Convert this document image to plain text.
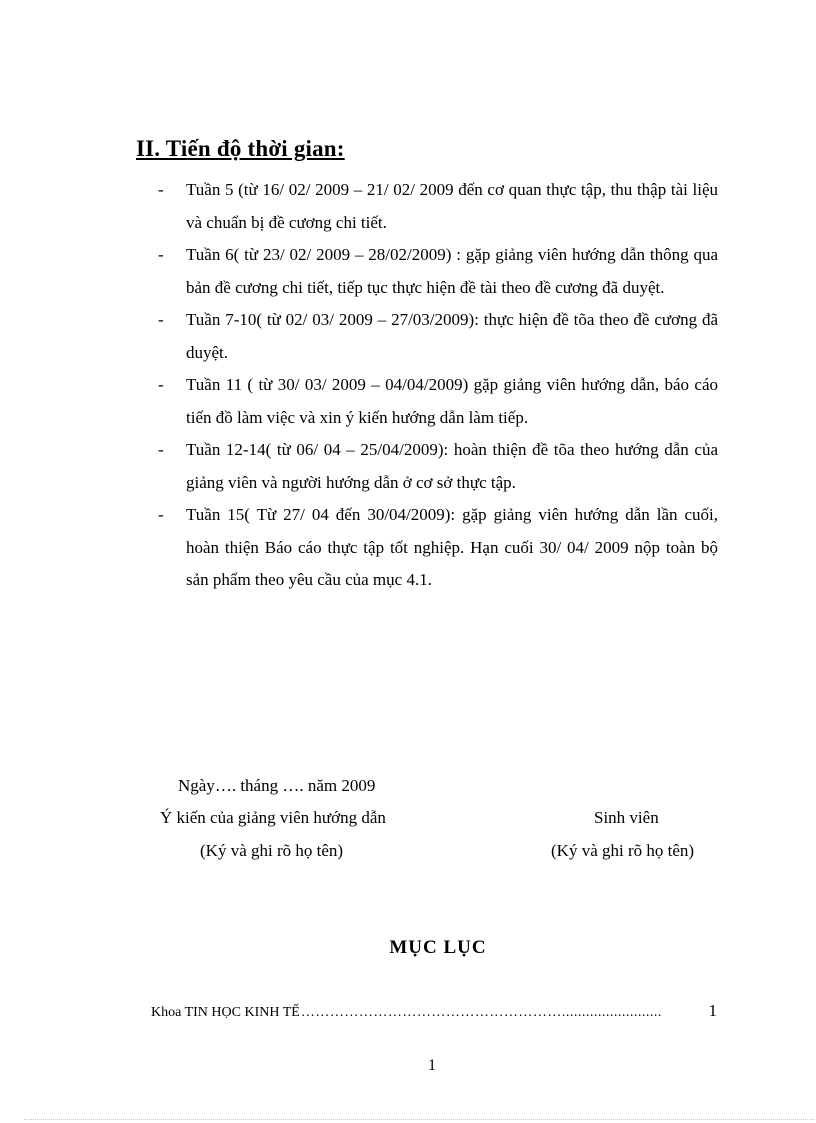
II. Tiến độ thời gian:
- Tuần 5 (từ 16/ 02/ 2009 – 21/ 02/ 2009 đến cơ quan thực tập, thu thập tài liệu và chuẩn bị đề cương chi tiết.
- Tuần 6( từ 23/ 02/ 2009 – 28/02/2009) : gặp giảng viên hướng dẫn thông qua bản đề cương chi tiết, tiếp tục thực hiện đề tài theo đề cương đã duyệt.
- Tuần 7-10( từ 02/ 03/ 2009 – 27/03/2009): thực hiện đề tõa theo đề cương đã duyệt.
- Tuần 11 ( từ 30/ 03/ 2009 – 04/04/2009) gặp giảng viên hướng dẫn, báo cáo tiến đồ làm việc và xin ý kiến hướng dẫn làm tiếp.
- Tuần 12-14( từ 06/ 04 – 25/04/2009): hoàn thiện đề tõa theo hướng dẫn của giảng viên và người hướng dẫn ở cơ sở thực tập.
- Tuần 15( Từ 27/ 04 đến 30/04/2009): gặp giảng viên hướng dẫn lần cuối, hoàn thiện Báo cáo thực tập tốt nghiệp. Hạn cuối 30/ 04/ 2009 nộp toàn bộ sản phẩm theo yêu cầu của mục 4.1.
Ngày…. tháng …. năm 2009
Ý kiến của giảng viên hướng dẫn
(Ký và ghi rõ họ tên)
Sinh viên
(Ký và ghi rõ họ tên)
MỤC LỤC
Khoa TIN HỌC KINH TẾ ……………………………………………….........................	1
1
